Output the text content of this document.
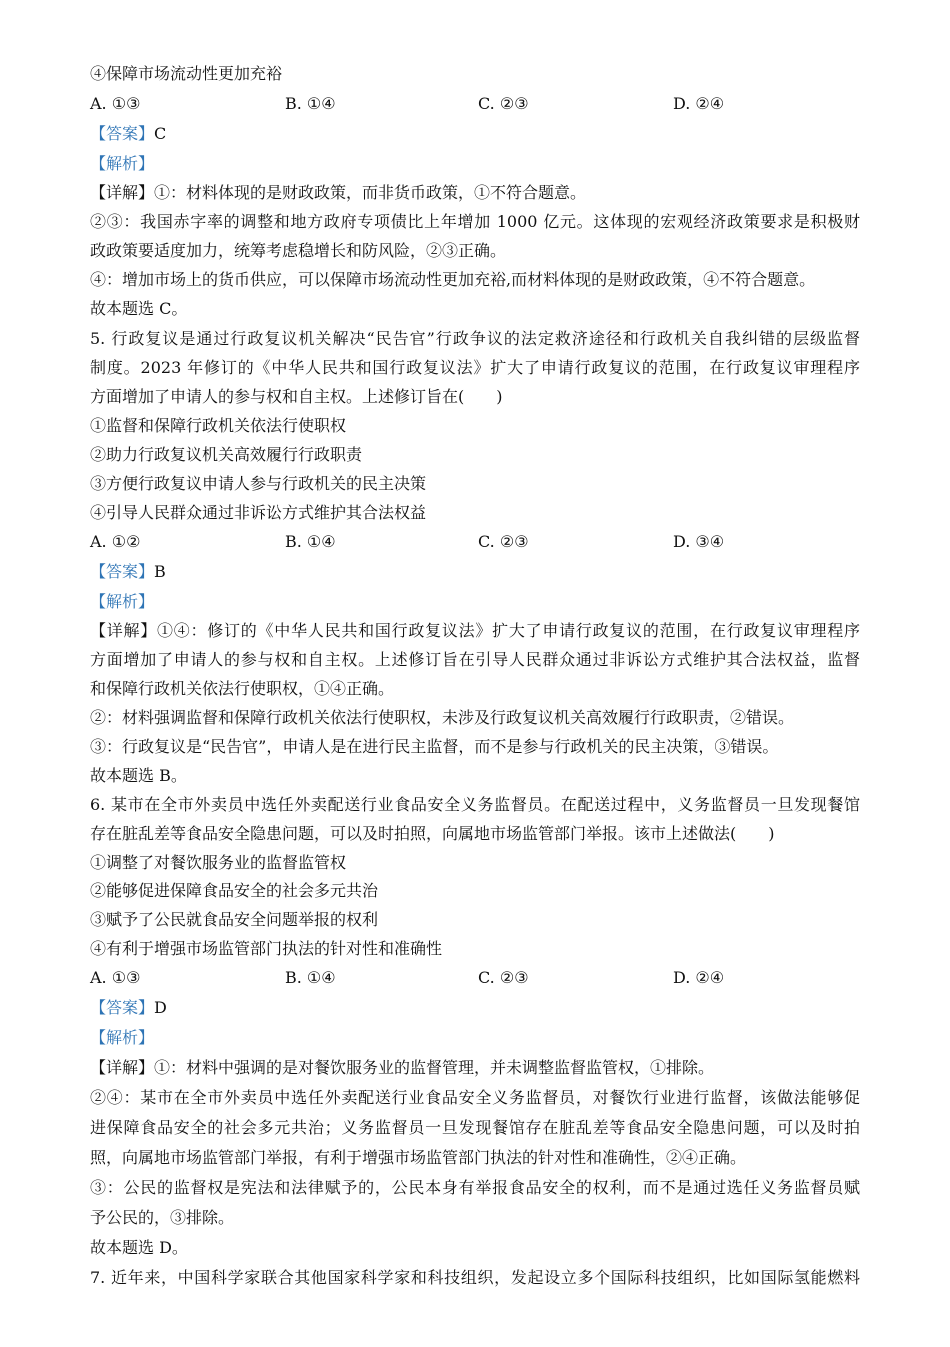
④保障市场流动性更加充裕
A. ①③	B. ①④	C. ②③	D. ②④
【答案】C
【解析】
【详解】①：材料体现的是财政政策，而非货币政策，①不符合题意。
②③：我国赤字率的调整和地方政府专项债比上年增加 1000 亿元。这体现的宏观经济政策要求是积极财
政政策要适度加力，统筹考虑稳增长和防风险，②③正确。
④：增加市场上的货币供应，可以保障市场流动性更加充裕,而材料体现的是财政政策，④不符合题意。
故本题选 C。
5. 行政复议是通过行政复议机关解决“民告官”行政争议的法定救济途径和行政机关自我纠错的层级监督
制度。2023 年修订的《中华人民共和国行政复议法》扩大了申请行政复议的范围，在行政复议审理程序
方面增加了申请人的参与权和自主权。上述修订旨在(　　)
①监督和保障行政机关依法行使职权
②助力行政复议机关高效履行行政职责
③方便行政复议申请人参与行政机关的民主决策
④引导人民群众通过非诉讼方式维护其合法权益
A. ①②	B. ①④	C. ②③	D. ③④
【答案】B
【解析】
【详解】①④：修订的《中华人民共和国行政复议法》扩大了申请行政复议的范围，在行政复议审理程序
方面增加了申请人的参与权和自主权。上述修订旨在引导人民群众通过非诉讼方式维护其合法权益，监督
和保障行政机关依法行使职权，①④正确。
②：材料强调监督和保障行政机关依法行使职权，未涉及行政复议机关高效履行行政职责，②错误。
③：行政复议是“民告官”，申请人是在进行民主监督，而不是参与行政机关的民主决策，③错误。
故本题选 B。
6. 某市在全市外卖员中选任外卖配送行业食品安全义务监督员。在配送过程中，义务监督员一旦发现餐馆
存在脏乱差等食品安全隐患问题，可以及时拍照，向属地市场监管部门举报。该市上述做法(　　)
①调整了对餐饮服务业的监督监管权
②能够促进保障食品安全的社会多元共治
③赋予了公民就食品安全问题举报的权利
④有利于增强市场监管部门执法的针对性和准确性
A. ①③	B. ①④	C. ②③	D. ②④
【答案】D
【解析】
【详解】①：材料中强调的是对餐饮服务业的监督管理，并未调整监督监管权，①排除。
②④：某市在全市外卖员中选任外卖配送行业食品安全义务监督员，对餐饮行业进行监督，该做法能够促
进保障食品安全的社会多元共治；义务监督员一旦发现餐馆存在脏乱差等食品安全隐患问题，可以及时拍
照，向属地市场监管部门举报，有利于增强市场监管部门执法的针对性和准确性，②④正确。
③：公民的监督权是宪法和法律赋予的，公民本身有举报食品安全的权利，而不是通过选任义务监督员赋
予公民的，③排除。
故本题选 D。
7. 近年来，中国科学家联合其他国家科学家和科技组织，发起设立多个国际科技组织，比如国际氢能燃料
